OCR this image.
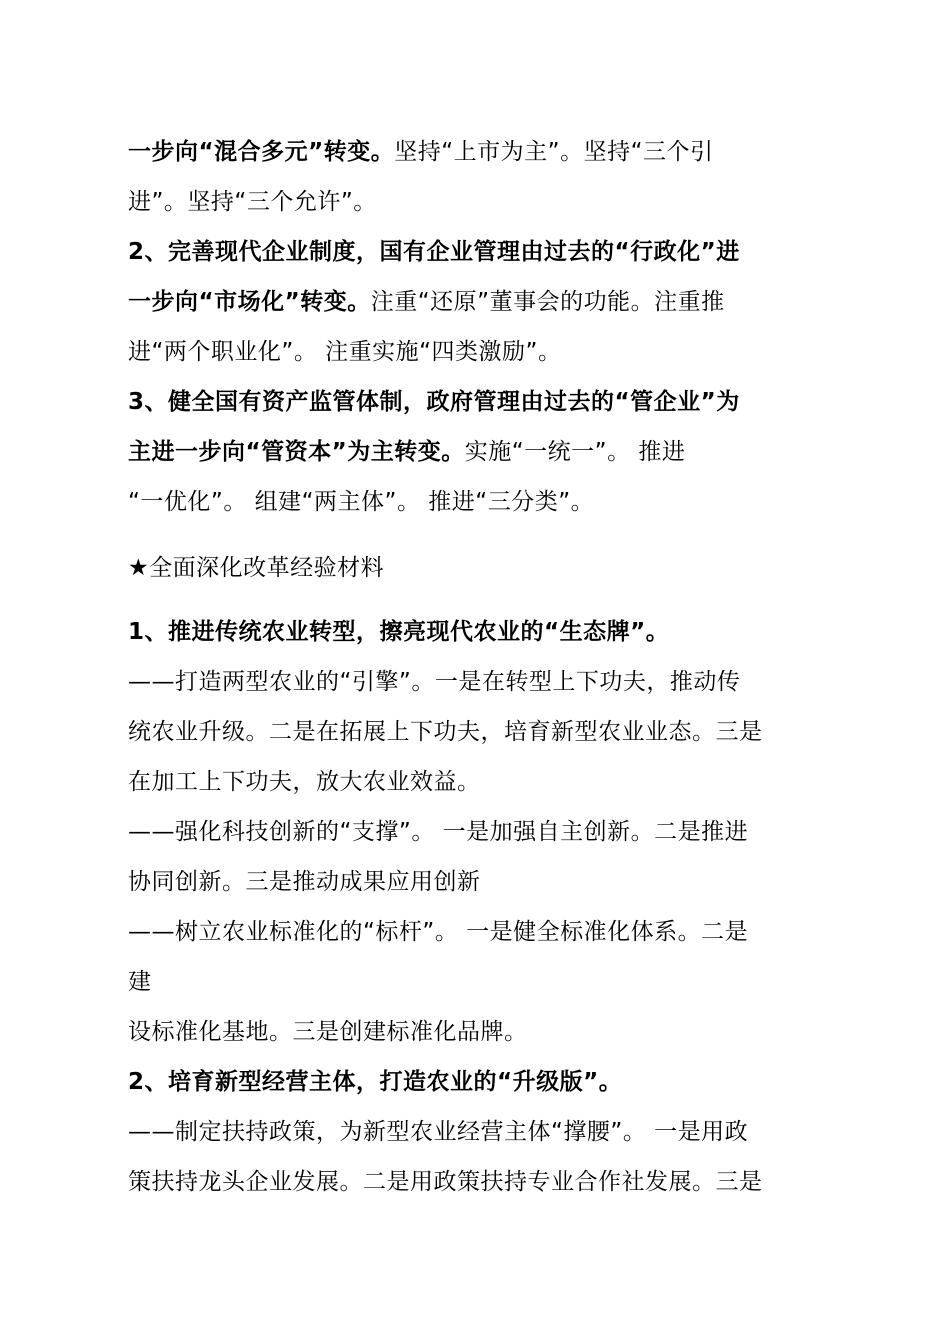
一步向“混合多元”转变。坚持“上市为主”。坚持“三个引
进”。坚持“三个允许”。
2、完善现代企业制度，国有企业管理由过去的“行政化”进
一步向“市场化”转变。注重“还原”董事会的功能。注重推
进“两个职业化”。 注重实施“四类激励”。
3、健全国有资产监管体制，政府管理由过去的“管企业”为
主进一步向“管资本”为主转变。实施“一统一”。 推进
“一优化”。 组建“两主体”。 推进“三分类”。
★全面深化改革经验材料
1、推进传统农业转型，擦亮现代农业的“生态牌”。
——打造两型农业的“引擎”。一是在转型上下功夫，推动传
统农业升级。二是在拓展上下功夫，培育新型农业业态。三是
在加工上下功夫，放大农业效益。
——强化科技创新的“支撑”。 一是加强自主创新。二是推进
协同创新。三是推动成果应用创新
——树立农业标准化的“标杆”。 一是健全标准化体系。二是
建
设标准化基地。三是创建标准化品牌。
2、培育新型经营主体，打造农业的“升级版”。
——制定扶持政策，为新型农业经营主体“撑腰”。 一是用政
策扶持龙头企业发展。二是用政策扶持专业合作社发展。三是
